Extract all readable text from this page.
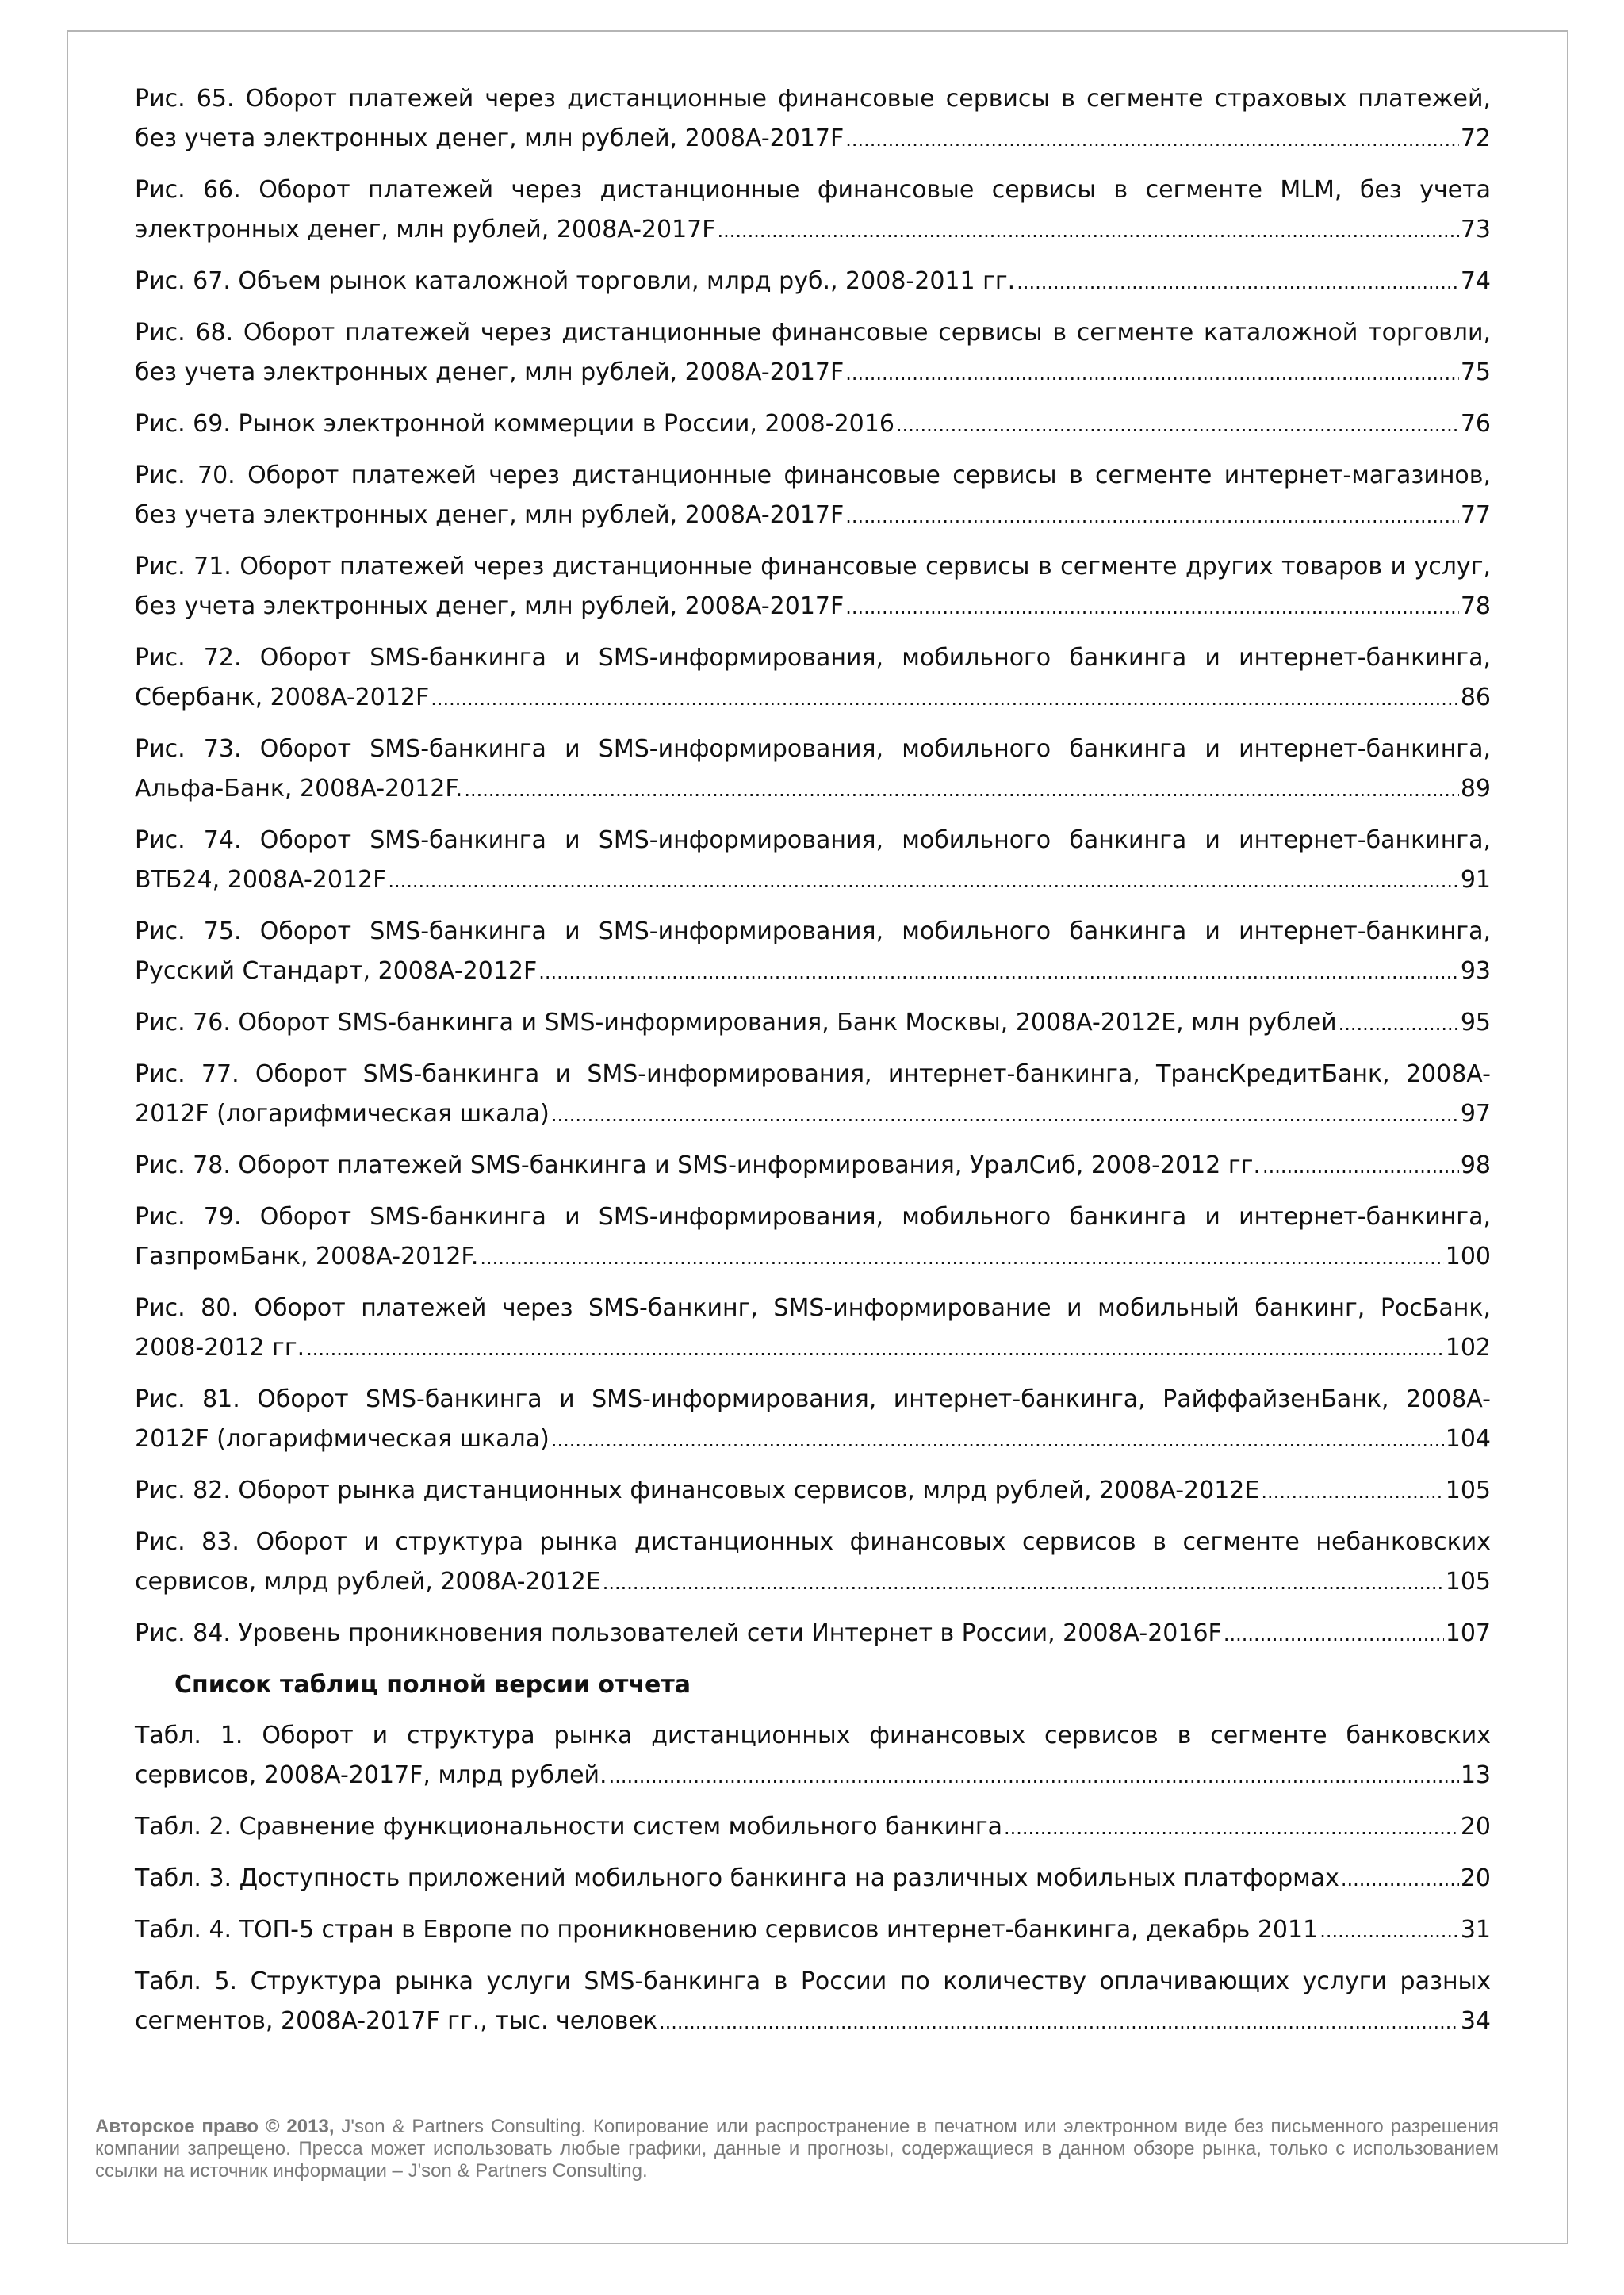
Рис. 65. Оборот платежей через дистанционные финансовые сервисы в сегменте страховых платежей,
без учета электронных денег, млн рублей, 2008A-2017F .....	72
Рис. 66. Оборот платежей через дистанционные финансовые сервисы в сегменте MLM, без учета
электронных денег, млн рублей, 2008A-2017F .....	73
Рис. 67. Объем рынок каталожной торговли, млрд руб., 2008-2011 гг. .....	74
Рис. 68. Оборот платежей через дистанционные финансовые сервисы в сегменте каталожной торговли,
без учета электронных денег, млн рублей, 2008A-2017F .....	75
Рис. 69. Рынок электронной коммерции в России, 2008-2016 .....	76
Рис. 70. Оборот платежей через дистанционные финансовые сервисы в сегменте интернет-магазинов,
без учета электронных денег, млн рублей, 2008A-2017F .....	77
Рис. 71. Оборот платежей через дистанционные финансовые сервисы в сегменте других товаров и услуг,
без учета электронных денег, млн рублей, 2008A-2017F .....	78
Рис. 72. Оборот SMS-банкинга и SMS-информирования, мобильного банкинга и интернет-банкинга,
Сбербанк, 2008A-2012F .....	86
Рис. 73. Оборот SMS-банкинга и SMS-информирования, мобильного банкинга и интернет-банкинга,
Альфа-Банк, 2008A-2012F. .....	89
Рис. 74. Оборот SMS-банкинга и SMS-информирования, мобильного банкинга и интернет-банкинга,
ВТБ24, 2008A-2012F .....	91
Рис. 75. Оборот SMS-банкинга и SMS-информирования, мобильного банкинга и интернет-банкинга,
Русский Стандарт, 2008A-2012F .....	93
Рис. 76. Оборот SMS-банкинга и SMS-информирования, Банк Москвы, 2008A-2012E, млн рублей .....	95
Рис. 77. Оборот SMS-банкинга и SMS-информирования, интернет-банкинга, ТрансКредитБанк, 2008A-
2012F (логарифмическая шкала) .....	97
Рис. 78. Оборот платежей SMS-банкинга и SMS-информирования, УралСиб, 2008-2012 гг. .....	98
Рис. 79. Оборот SMS-банкинга и SMS-информирования, мобильного банкинга и интернет-банкинга,
ГазпромБанк, 2008A-2012F. .....	100
Рис. 80. Оборот платежей через SMS-банкинг, SMS-информирование и мобильный банкинг, РосБанк,
2008-2012 гг. .....	102
Рис. 81. Оборот SMS-банкинга и SMS-информирования, интернет-банкинга, РайффайзенБанк, 2008A-
2012F (логарифмическая шкала) .....	104
Рис. 82. Оборот рынка дистанционных финансовых сервисов, млрд рублей, 2008A-2012E .....	105
Рис. 83. Оборот и структура рынка дистанционных финансовых сервисов в сегменте небанковских
сервисов, млрд рублей, 2008A-2012E .....	105
Рис. 84. Уровень проникновения пользователей сети Интернет в России, 2008A-2016F .....	107
Список таблиц полной версии отчета
Табл. 1. Оборот и структура рынка дистанционных финансовых сервисов в сегменте банковских
сервисов, 2008A-2017F, млрд рублей. .....	13
Табл. 2. Сравнение функциональности систем мобильного банкинга .....	20
Табл. 3. Доступность приложений мобильного банкинга на различных мобильных платформах .....	20
Табл. 4. ТОП-5 стран в Европе по проникновению сервисов интернет-банкинга, декабрь 2011 .....	31
Табл. 5. Структура рынка услуги SMS-банкинга в России по количеству оплачивающих услуги разных
сегментов, 2008A-2017F гг., тыс. человек .....	34
Авторское право © 2013, J'son & Partners Consulting. Копирование или распространение в печатном или электронном виде без письменного разрешения компании запрещено. Пресса может использовать любые графики, данные и прогнозы, содержащиеся в данном обзоре рынка, только с использованием ссылки на источник информации – J'son & Partners Consulting.
